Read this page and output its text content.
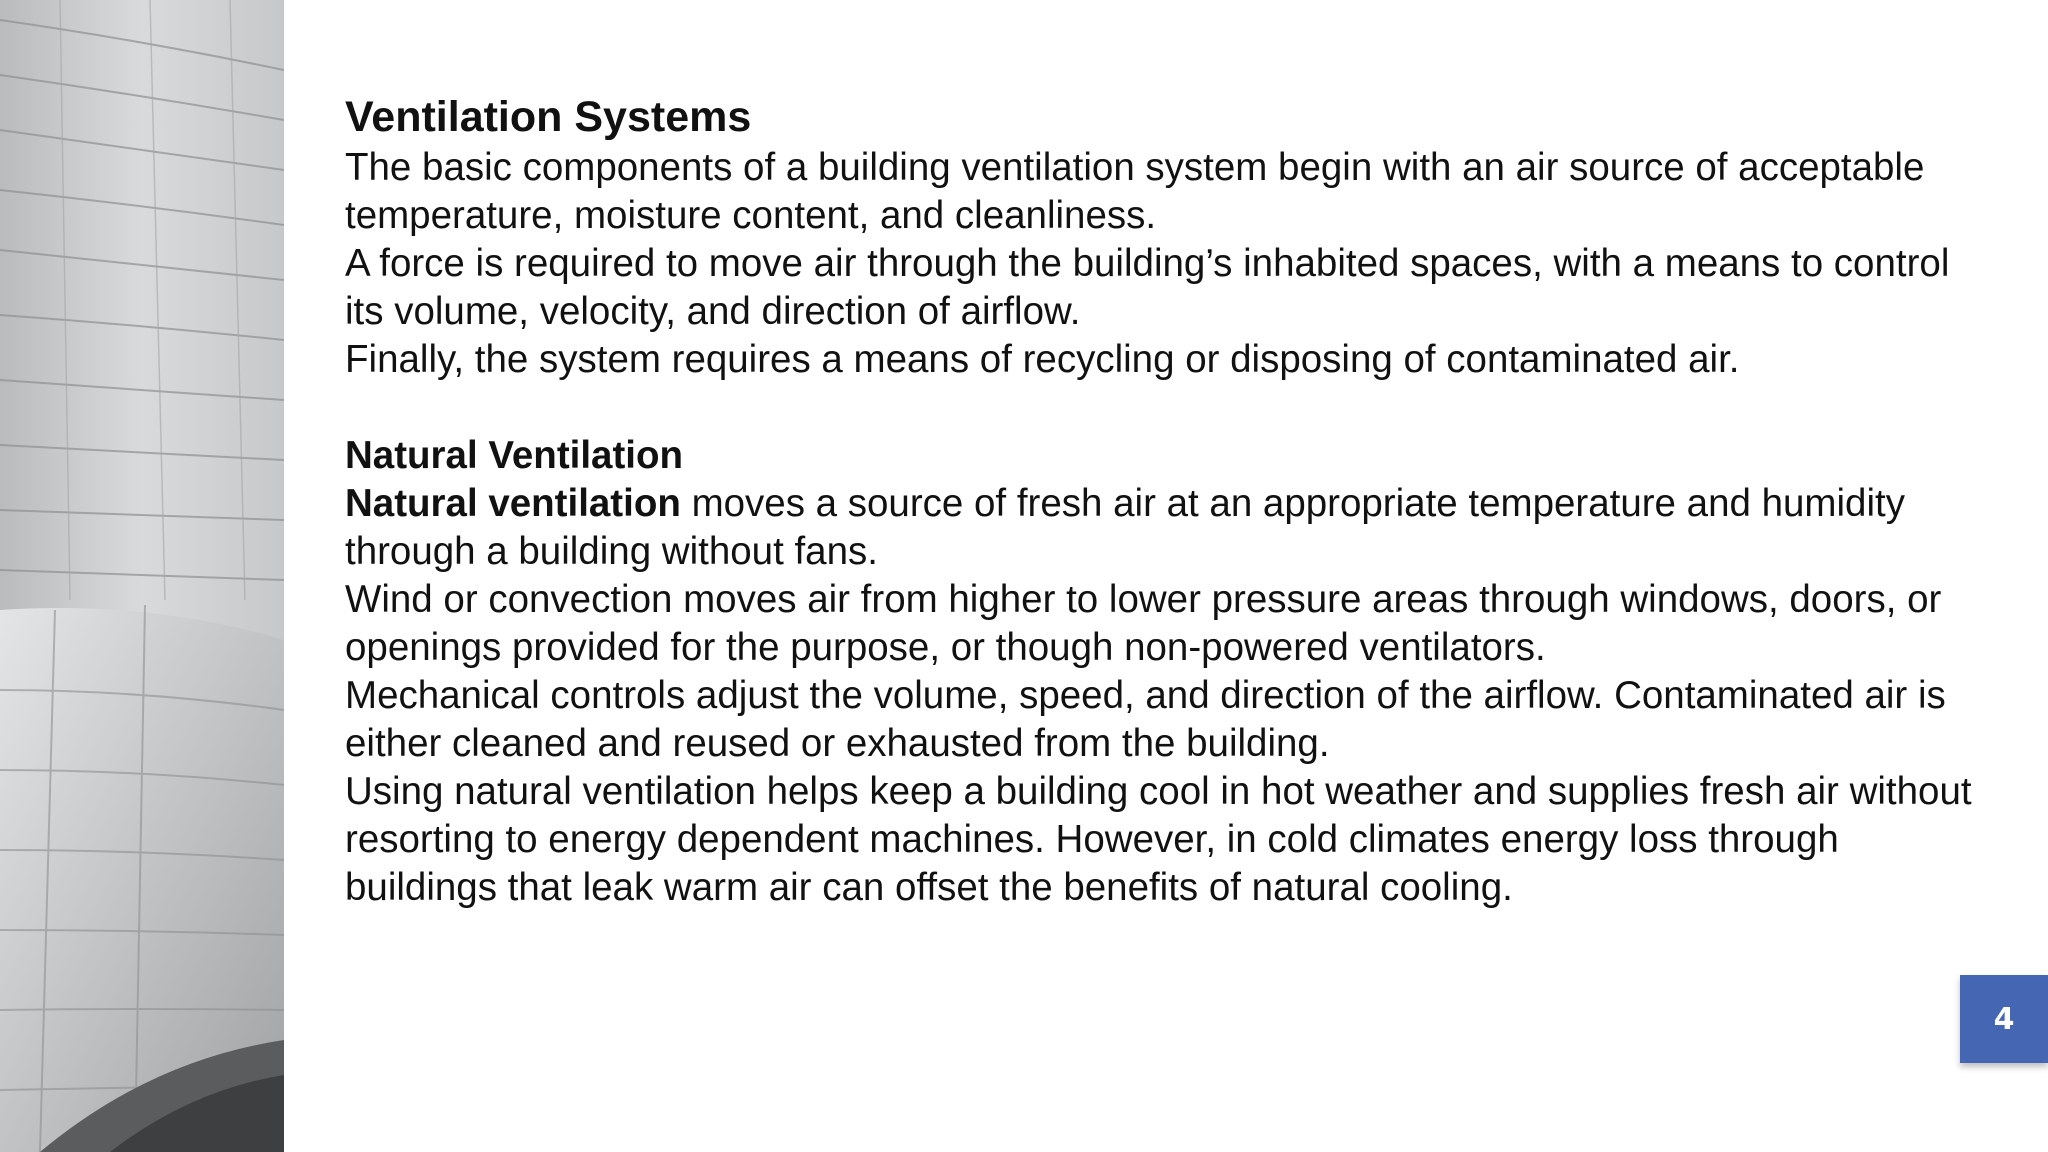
Ventilation Systems

The basic components of a building ventilation system begin with an air source of acceptable temperature, moisture content, and cleanliness.

A force is required to move air through the building’s inhabited spaces, with a means to control its volume, velocity, and direction of airflow.

Finally, the system requires a means of recycling or disposing of contaminated air.

Natural Ventilation

Natural ventilation moves a source of fresh air at an appropriate temperature and humidity through a building without fans.

Wind or convection moves air from higher to lower pressure areas through windows, doors, or openings provided for the purpose, or though non-powered ventilators.

Mechanical controls adjust the volume, speed, and direction of the airflow. Contaminated air is either cleaned and reused or exhausted from the building.

Using natural ventilation helps keep a building cool in hot weather and supplies fresh air without resorting to energy dependent machines. However, in cold climates energy loss through buildings that leak warm air can offset the benefits of natural cooling.

4
